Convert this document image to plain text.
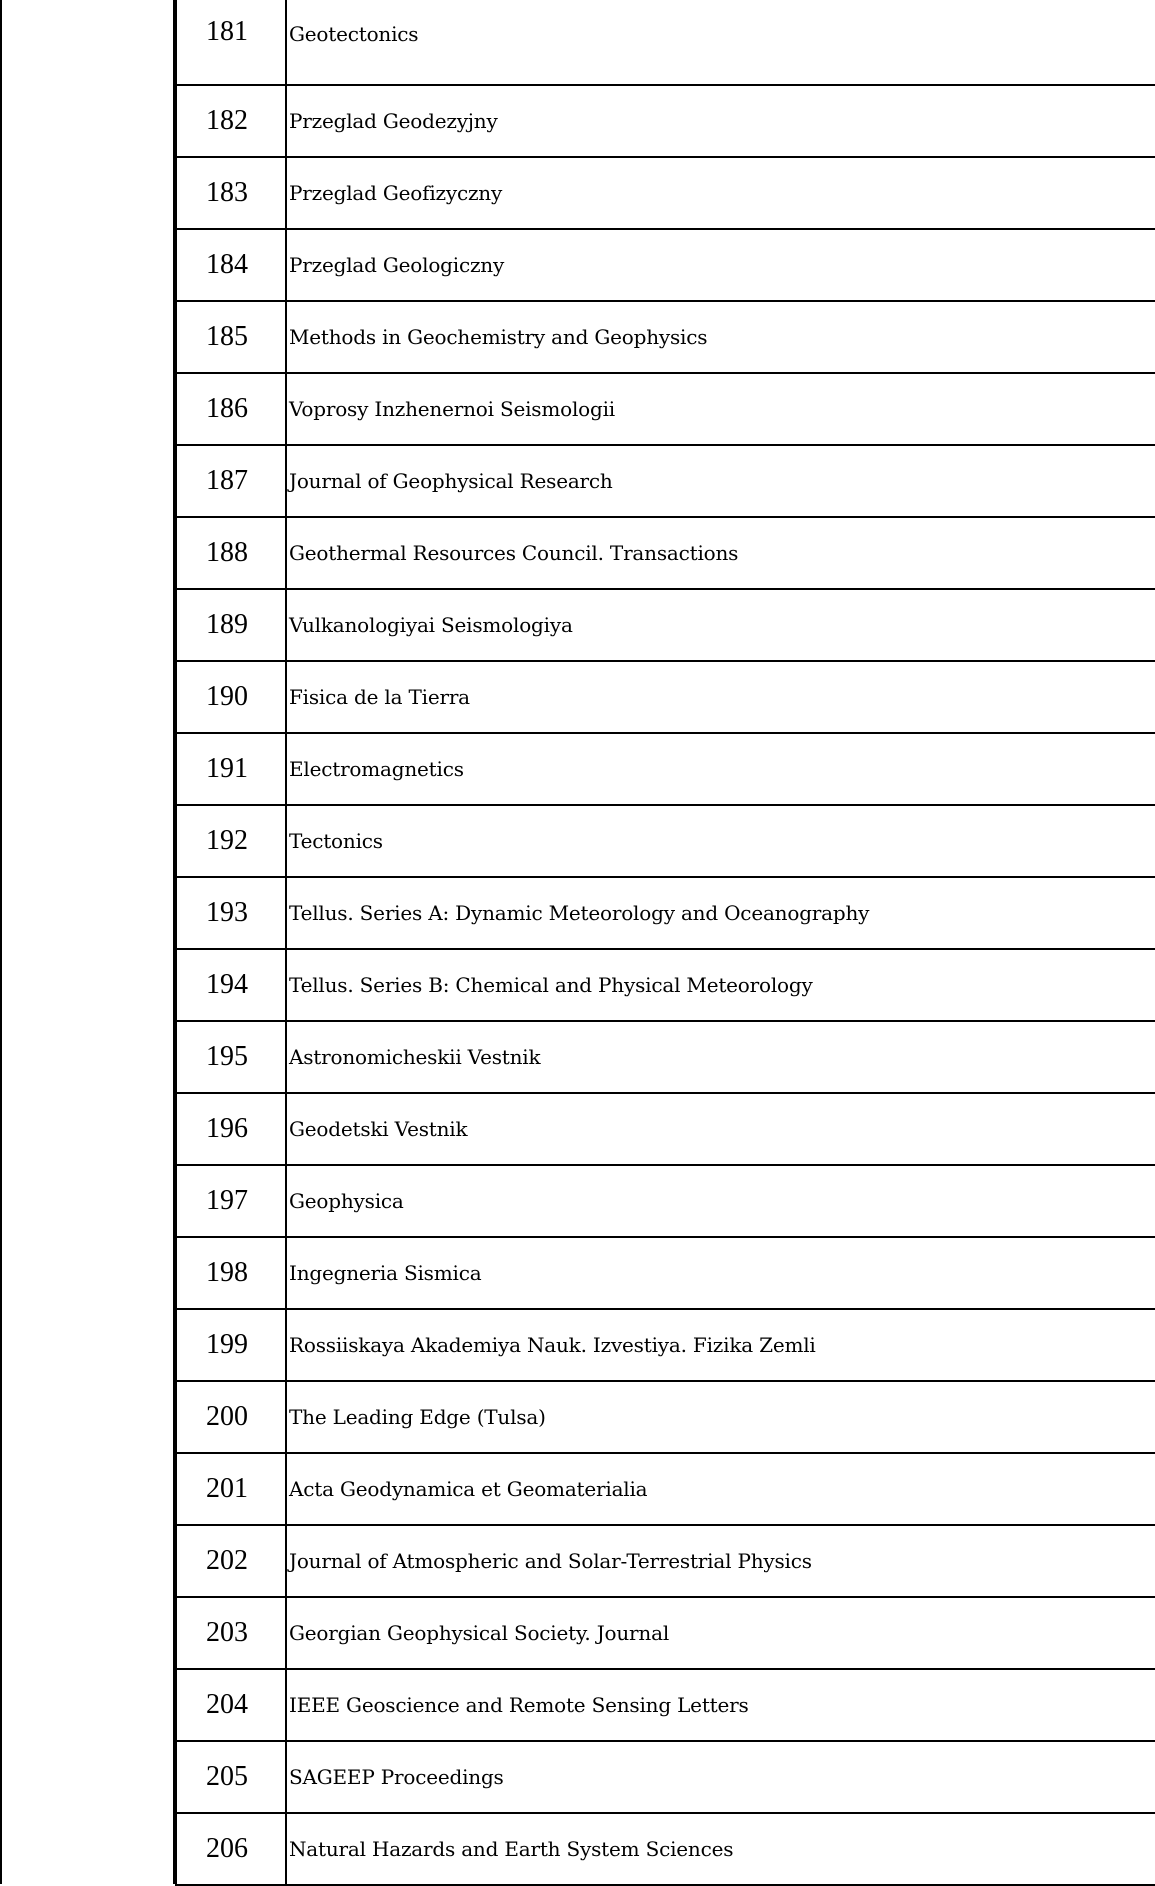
181	Geotectonics
182	Przeglad Geodezyjny
183	Przeglad Geofizyczny
184	Przeglad Geologiczny
185	Methods in Geochemistry and Geophysics
186	Voprosy Inzhenernoi Seismologii
187	Journal of Geophysical Research
188	Geothermal Resources Council. Transactions
189	Vulkanologiyai Seismologiya
190	Fisica de la Tierra
191	Electromagnetics
192	Tectonics
193	Tellus. Series A: Dynamic Meteorology and Oceanography
194	Tellus. Series B: Chemical and Physical Meteorology
195	Astronomicheskii Vestnik
196	Geodetski Vestnik
197	Geophysica
198	Ingegneria Sismica
199	Rossiiskaya Akademiya Nauk. Izvestiya. Fizika Zemli
200	The Leading Edge (Tulsa)
201	Acta Geodynamica et Geomaterialia
202	Journal of Atmospheric and Solar-Terrestrial Physics
203	Georgian Geophysical Society. Journal
204	IEEE Geoscience and Remote Sensing Letters
205	SAGEEP Proceedings
206	Natural Hazards and Earth System Sciences
